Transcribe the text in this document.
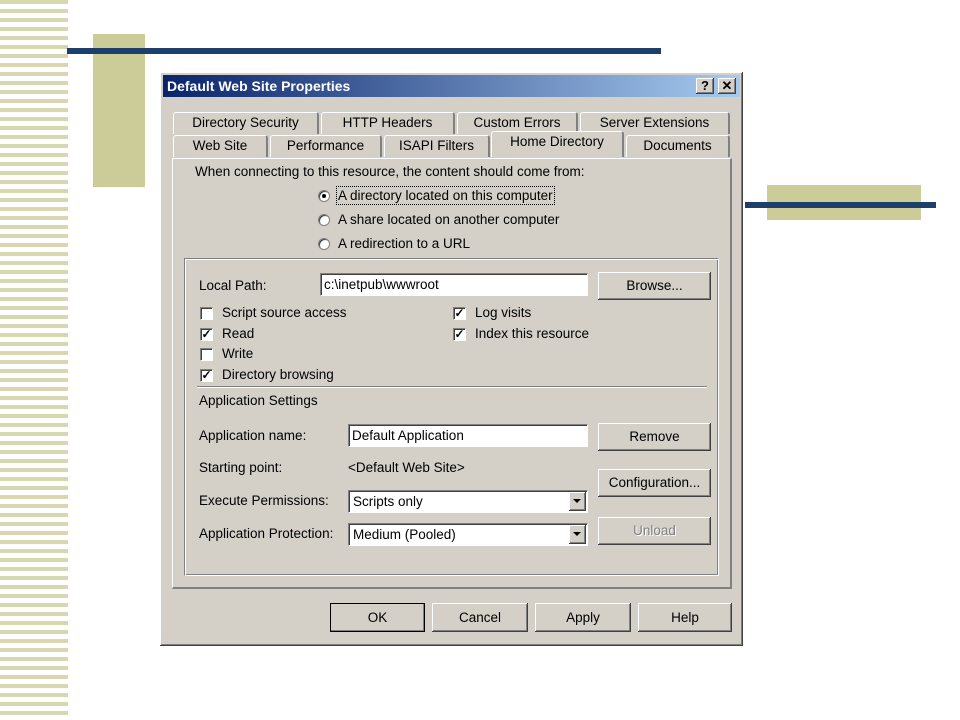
Default Web Site Properties	? ✕
Directory Security	HTTP Headers	Custom Errors	Server Extensions
Web Site	Performance	ISAPI Filters	Home Directory	Documents
When connecting to this resource, the content should come from:
A directory located on this computer
A share located on another computer
A redirection to a URL
Local Path:	c:\inetpub\wwwroot	Browse...
Script source access
✓ Read
Write
✓ Directory browsing
✓ Log visits
✓ Index this resource
Application Settings
Application name:	Default Application	Remove
Starting point:	<Default Web Site>
Configuration...
Execute Permissions:	Scripts only
Application Protection:	Medium (Pooled)	Unload
OK	Cancel	Apply	Help
